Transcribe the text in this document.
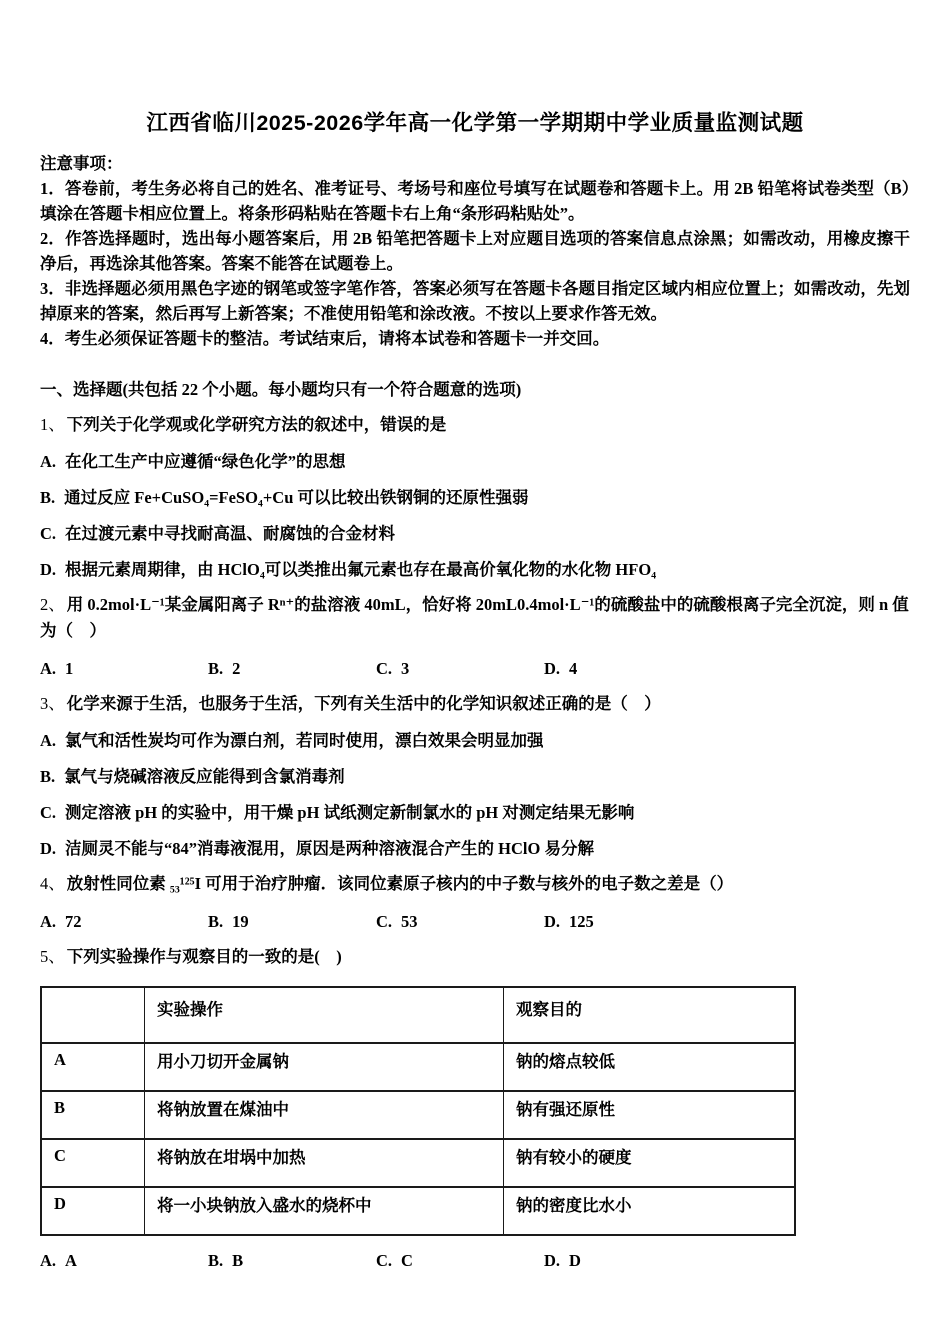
江西省临川2025-2026学年高一化学第一学期期中学业质量监测试题

注意事项：

1．答卷前，考生务必将自己的姓名、准考证号、考场号和座位号填写在试题卷和答题卡上。用 2B 铅笔将试卷类型（B）填涂在答题卡相应位置上。将条形码粘贴在答题卡右上角“条形码粘贴处”。

2．作答选择题时，选出每小题答案后，用 2B 铅笔把答题卡上对应题目选项的答案信息点涂黑；如需改动，用橡皮擦干净后，再选涂其他答案。答案不能答在试题卷上。

3．非选择题必须用黑色字迹的钢笔或签字笔作答，答案必须写在答题卡各题目指定区域内相应位置上；如需改动，先划掉原来的答案，然后再写上新答案；不准使用铅笔和涂改液。不按以上要求作答无效。

4．考生必须保证答题卡的整洁。考试结束后，请将本试卷和答题卡一并交回。

一、选择题(共包括 22 个小题。每小题均只有一个符合题意的选项)

1、 下列关于化学观或化学研究方法的叙述中，错误的是

A. 在化工生产中应遵循“绿色化学”的思想

B. 通过反应 Fe+CuSO₄=FeSO₄+Cu 可以比较出铁钢铜的还原性强弱

C. 在过渡元素中寻找耐高温、耐腐蚀的合金材料

D. 根据元素周期律，由 HClO₄可以类推出氟元素也存在最高价氧化物的水化物 HFO₄

2、 用 0.2mol·L⁻¹某金属阳离子 Rⁿ⁺的盐溶液 40mL，恰好将 20mL0.4mol·L⁻¹的硫酸盐中的硫酸根离子完全沉淀，则 n 值为（　）

A. 1	B. 2	C. 3	D. 4

3、 化学来源于生活，也服务于生活，下列有关生活中的化学知识叙述正确的是（　）

A. 氯气和活性炭均可作为漂白剂，若同时使用，漂白效果会明显加强

B. 氯气与烧碱溶液反应能得到含氯消毒剂

C. 测定溶液 pH 的实验中，用干燥 pH 试纸测定新制氯水的 pH 对测定结果无影响

D. 洁厕灵不能与“84”消毒液混用，原因是两种溶液混合产生的 HClO 易分解

4、 放射性同位素 ₅₃¹²⁵I 可用于治疗肿瘤．该同位素原子核内的中子数与核外的电子数之差是（）

A. 72	B. 19	C. 53	D. 125

5、 下列实验操作与观察目的一致的是(　)

	实验操作	观察目的
A	用小刀切开金属钠	钠的熔点较低
B	将钠放置在煤油中	钠有强还原性
C	将钠放在坩埚中加热	钠有较小的硬度
D	将一小块钠放入盛水的烧杯中	钠的密度比水小
A. A	B. B	C. C	D. D
